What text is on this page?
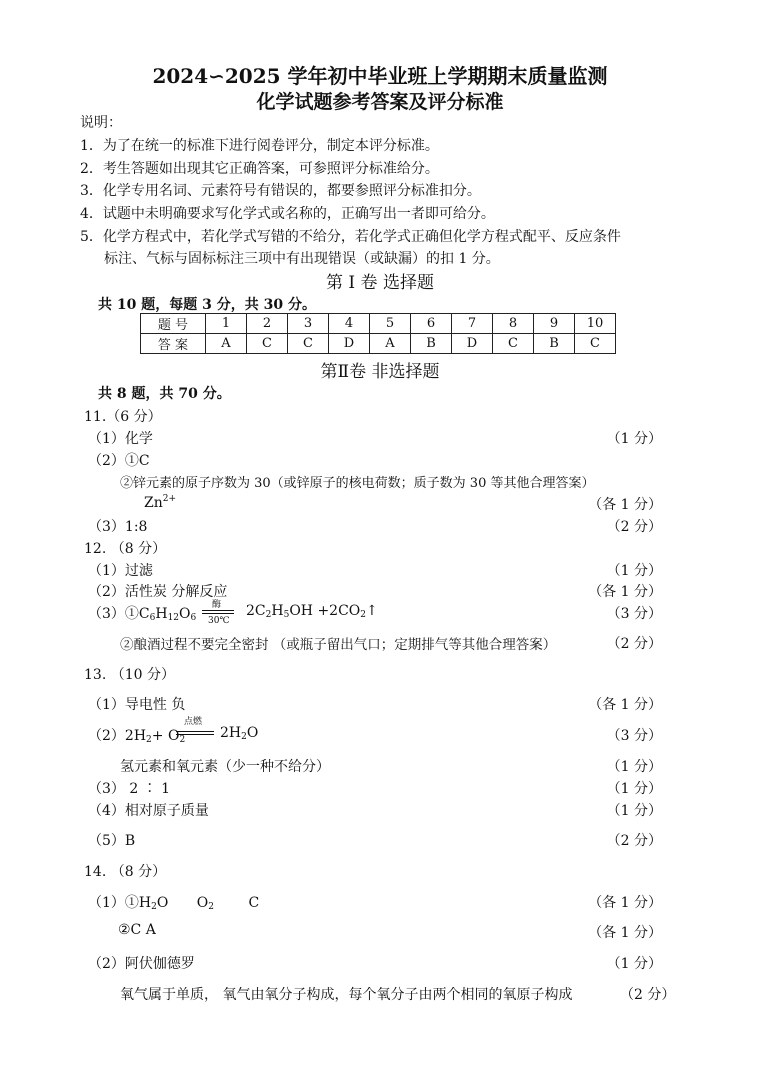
2024∽2025 学年初中毕业班上学期期末质量监测
化学试题参考答案及评分标准
说明：
1．为了在统一的标准下进行阅卷评分，制定本评分标准。
2．考生答题如出现其它正确答案，可参照评分标准给分。
3．化学专用名词、元素符号有错误的，都要参照评分标准扣分。
4．试题中未明确要求写化学式或名称的，正确写出一者即可给分。
5．化学方程式中，若化学式写错的不给分，若化学式正确但化学方程式配平、反应条件
标注、气标与固标标注三项中有出现错误（或缺漏）的扣 1 分。
第 I 卷 选择题
共 10 题，每题 3 分，共 30 分。
题 号	1	2	3	4	5	6	7	8	9	10
答 案	A	C	C	D	A	B	D	C	B	C
第Ⅱ卷 非选择题
共 8 题，共 70 分。
11.（6 分）
（1）化学	（1 分）
（2）①C
②锌元素的原子序数为 30（或锌原子的核电荷数；质子数为 30 等其他合理答案）
$Zn^{2+}$	（各 1 分）
（3）1:8	（2 分）
12. （8 分）
（1）过滤	（1 分）
（2）活性炭 分解反应	（各 1 分）
$(3)①C_6H_{12}O_6$
酶
30℃
$2C_2H_5OH$ $+2CO_2↑$	（3 分）
②酿酒过程不要完全密封 （或瓶子留出气口；定期排气等其他合理答案）	（2 分）
13. （10 分）
（1）导电性 负	（各 1 分）
$(2)2H_2+ O_2$
点燃
$2H_2O$	（3 分）
氢元素和氧元素（少一种不给分）	（1 分）
（3） 2 ∶ 1	（1 分）
（4）相对原子质量	（1 分）
（5）B	（2 分）
14. （8 分）
$(1)①H_2O$ $O_2$ C	（各 1 分）
②C A	（各 1 分）
（2）阿伏伽德罗	（1 分）
氧气属于单质， 氧气由氧分子构成，每个氧分子由两个相同的氧原子构成	（2 分）
